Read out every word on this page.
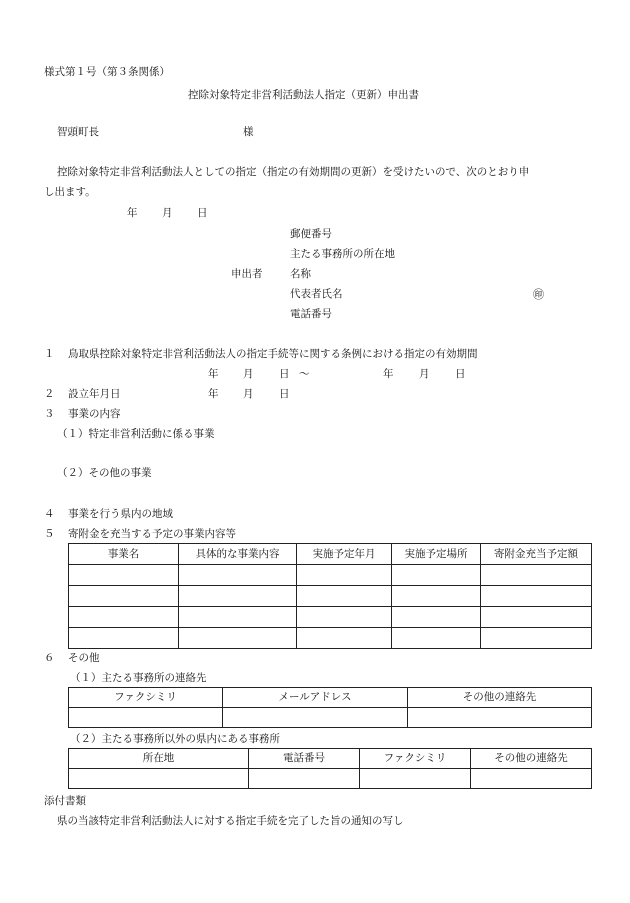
様式第１号（第３条関係）
控除対象特定非営利活動法人指定（更新）申出書
智頭町長	様
控除対象特定非営利活動法人としての指定（指定の有効期間の更新）を受けたいので、次のとおり申
し出ます。
年 月 日
郵便番号
主たる事務所の所在地
申出者	名称
代表者氏名	㊞
電話番号
１ 鳥取県控除対象特定非営利活動法人の指定手続等に関する条例における指定の有効期間
年 月 日 ～	年 月 日
２ 設立年月日	年 月 日
３ 事業の内容
（１）特定非営利活動に係る事業
（２）その他の事業
４ 事業を行う県内の地域
５ 寄附金を充当する予定の事業内容等
事業名	具体的な事業内容	実施予定年月	実施予定場所	寄附金充当予定額

６ その他
（１）主たる事務所の連絡先
ファクシミリ	メールアドレス	その他の連絡先

（２）主たる事務所以外の県内にある事務所
所在地	電話番号	ファクシミリ	その他の連絡先

添付書類
県の当該特定非営利活動法人に対する指定手続を完了した旨の通知の写し
